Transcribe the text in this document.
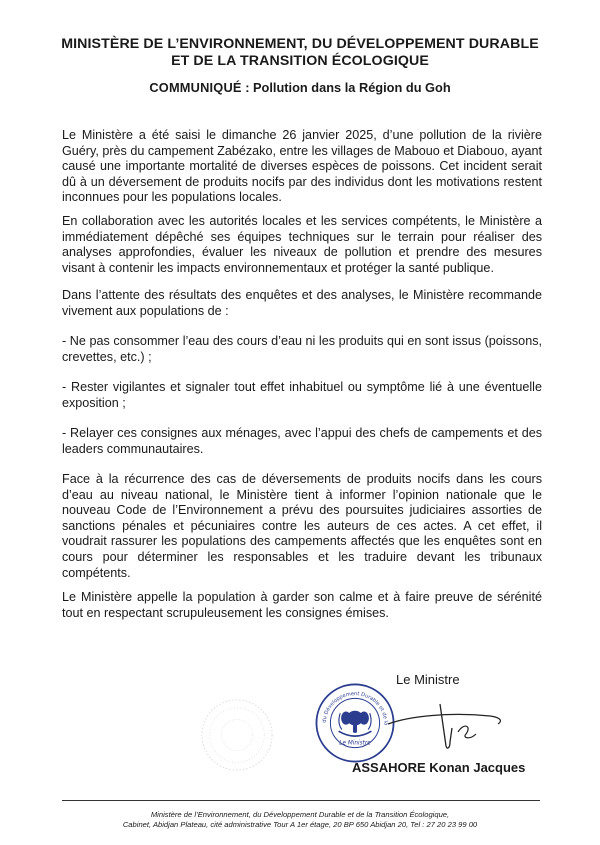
MINISTÈRE DE L’ENVIRONNEMENT, DU DÉVELOPPEMENT DURABLE
ET DE LA TRANSITION ÉCOLOGIQUE
COMMUNIQUÉ : Pollution dans la Région du Goh

Le Ministère a été saisi le dimanche 26 janvier 2025, d’une pollution de la rivière Guéry, près du campement Zabézako, entre les villages de Mabouo et Diabouo, ayant causé une importante mortalité de diverses espèces de poissons. Cet incident serait dû à un déversement de produits nocifs par des individus dont les motivations restent inconnues pour les populations locales.

En collaboration avec les autorités locales et les services compétents, le Ministère a immédiatement dépêché ses équipes techniques sur le terrain pour réaliser des analyses approfondies, évaluer les niveaux de pollution et prendre des mesures visant à contenir les impacts environnementaux et protéger la santé publique.

Dans l’attente des résultats des enquêtes et des analyses, le Ministère recommande vivement aux populations de :

- Ne pas consommer l’eau des cours d’eau ni les produits qui en sont issus (poissons, crevettes, etc.) ;

- Rester vigilantes et signaler tout effet inhabituel ou symptôme lié à une éventuelle exposition ;

- Relayer ces consignes aux ménages, avec l’appui des chefs de campements et des leaders communautaires.

Face à la récurrence des cas de déversements de produits nocifs dans les cours d’eau au niveau national, le Ministère tient à informer l’opinion nationale que le nouveau Code de l’Environnement a prévu des poursuites judiciaires assorties de sanctions pénales et pécuniaires contre les auteurs de ces actes. A cet effet, il voudrait rassurer les populations des campements affectés que les enquêtes sont en cours pour déterminer les responsables et les traduire devant les tribunaux compétents.

Le Ministère appelle la population à garder son calme et à faire preuve de sérénité tout en respectant scrupuleusement les consignes émises.

Le Ministre
du Développement Durable et de la
Le Ministre
ASSAHORE Konan Jacques
Ministère de l’Environnement, du Développement Durable et de la Transition Écologique,
Cabinet, Abidjan Plateau, cité administrative Tour A 1er étage, 20 BP 650 Abidjan 20, Tel : 27 20 23 99 00
